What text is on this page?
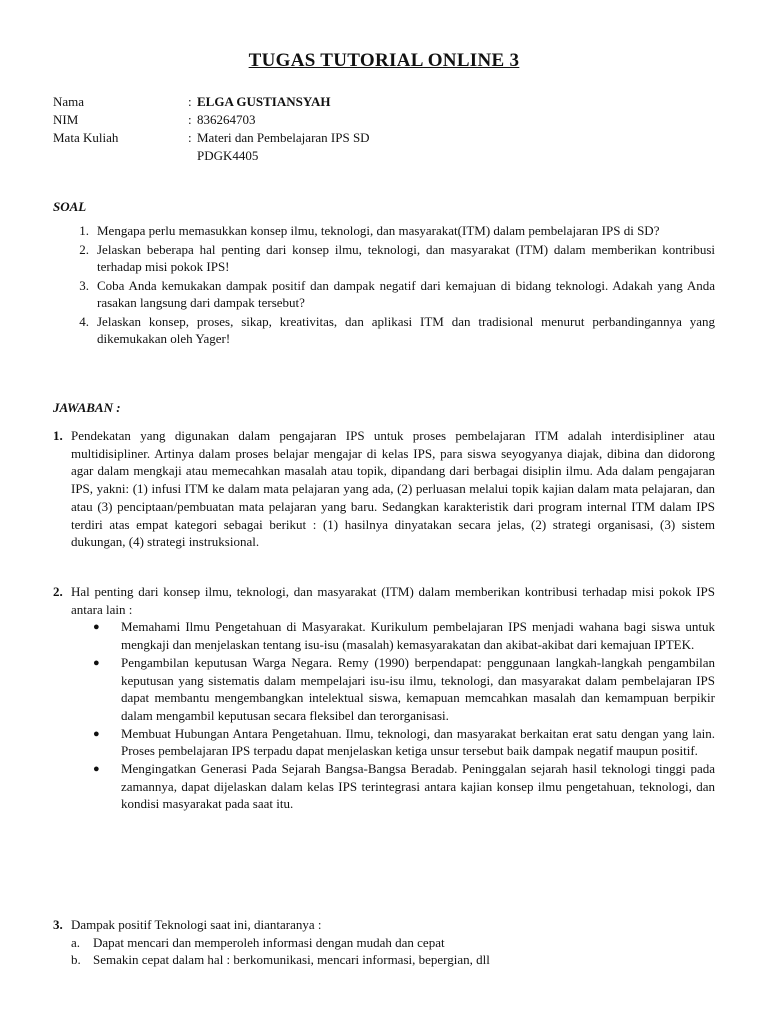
TUGAS TUTORIAL ONLINE 3
Nama	: ELGA GUSTIANSYAH
NIM	: 836264703
Mata Kuliah	: Materi dan Pembelajaran IPS SD
PDGK4405
SOAL
1. Mengapa perlu memasukkan konsep ilmu, teknologi, dan masyarakat(ITM) dalam pembelajaran IPS di SD?
2. Jelaskan beberapa hal penting dari konsep ilmu, teknologi, dan masyarakat (ITM) dalam memberikan kontribusi terhadap misi pokok IPS!
3. Coba Anda kemukakan dampak positif dan dampak negatif dari kemajuan di bidang teknologi. Adakah yang Anda rasakan langsung dari dampak tersebut?
4. Jelaskan konsep, proses, sikap, kreativitas, dan aplikasi ITM dan tradisional menurut perbandingannya yang dikemukakan oleh Yager!
JAWABAN :
1. Pendekatan yang digunakan dalam pengajaran IPS untuk proses pembelajaran ITM adalah interdisipliner atau multidisipliner. Artinya dalam proses belajar mengajar di kelas IPS, para siswa seyogyanya diajak, dibina dan didorong agar dalam mengkaji atau memecahkan masalah atau topik, dipandang dari berbagai disiplin ilmu. Ada dalam pengajaran IPS, yakni: (1) infusi ITM ke dalam mata pelajaran yang ada, (2) perluasan melalui topik kajian dalam mata pelajaran, dan atau (3) penciptaan/pembuatan mata pelajaran yang baru. Sedangkan karakteristik dari program internal ITM dalam IPS terdiri atas empat kategori sebagai berikut : (1) hasilnya dinyatakan secara jelas, (2) strategi organisasi, (3) sistem dukungan, (4) strategi instruksional.
2. Hal penting dari konsep ilmu, teknologi, dan masyarakat (ITM) dalam memberikan kontribusi terhadap misi pokok IPS antara lain :
●	Memahami Ilmu Pengetahuan di Masyarakat. Kurikulum pembelajaran IPS menjadi wahana bagi siswa untuk mengkaji dan menjelaskan tentang isu-isu (masalah) kemasyarakatan dan akibat-akibat dari kemajuan IPTEK.
●	Pengambilan keputusan Warga Negara. Remy (1990) berpendapat: penggunaan langkah-langkah pengambilan keputusan yang sistematis dalam mempelajari isu-isu ilmu, teknologi, dan masyarakat dalam pembelajaran IPS dapat membantu mengembangkan intelektual siswa, kemapuan memcahkan masalah dan kemampuan berpikir dalam mengambil keputusan secara fleksibel dan terorganisasi.
●	Membuat Hubungan Antara Pengetahuan. Ilmu, teknologi, dan masyarakat berkaitan erat satu dengan yang lain. Proses pembelajaran IPS terpadu dapat menjelaskan ketiga unsur tersebut baik dampak negatif maupun positif.
●	Mengingatkan Generasi Pada Sejarah Bangsa-Bangsa Beradab. Peninggalan sejarah hasil teknologi tinggi pada zamannya, dapat dijelaskan dalam kelas IPS terintegrasi antara kajian konsep ilmu pengetahuan, teknologi, dan kondisi masyarakat pada saat itu.
3. Dampak positif Teknologi saat ini, diantaranya :
a. Dapat mencari dan memperoleh informasi dengan mudah dan cepat
b. Semakin cepat dalam hal : berkomunikasi, mencari informasi, bepergian, dll
